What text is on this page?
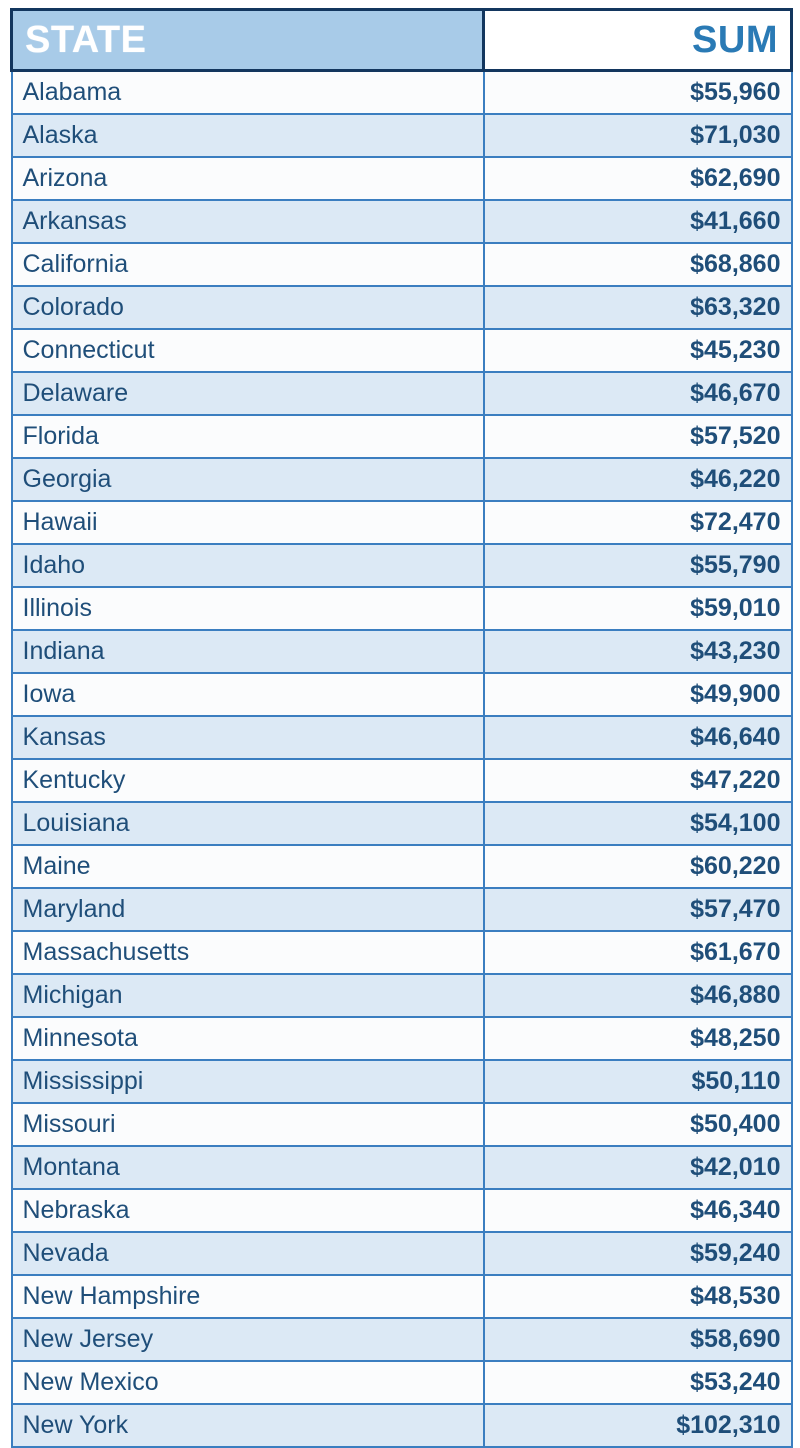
STATE	SUM
Alabama	$55,960
Alaska	$71,030
Arizona	$62,690
Arkansas	$41,660
California	$68,860
Colorado	$63,320
Connecticut	$45,230
Delaware	$46,670
Florida	$57,520
Georgia	$46,220
Hawaii	$72,470
Idaho	$55,790
Illinois	$59,010
Indiana	$43,230
Iowa	$49,900
Kansas	$46,640
Kentucky	$47,220
Louisiana	$54,100
Maine	$60,220
Maryland	$57,470
Massachusetts	$61,670
Michigan	$46,880
Minnesota	$48,250
Mississippi	$50,110
Missouri	$50,400
Montana	$42,010
Nebraska	$46,340
Nevada	$59,240
New Hampshire	$48,530
New Jersey	$58,690
New Mexico	$53,240
New York	$102,310
